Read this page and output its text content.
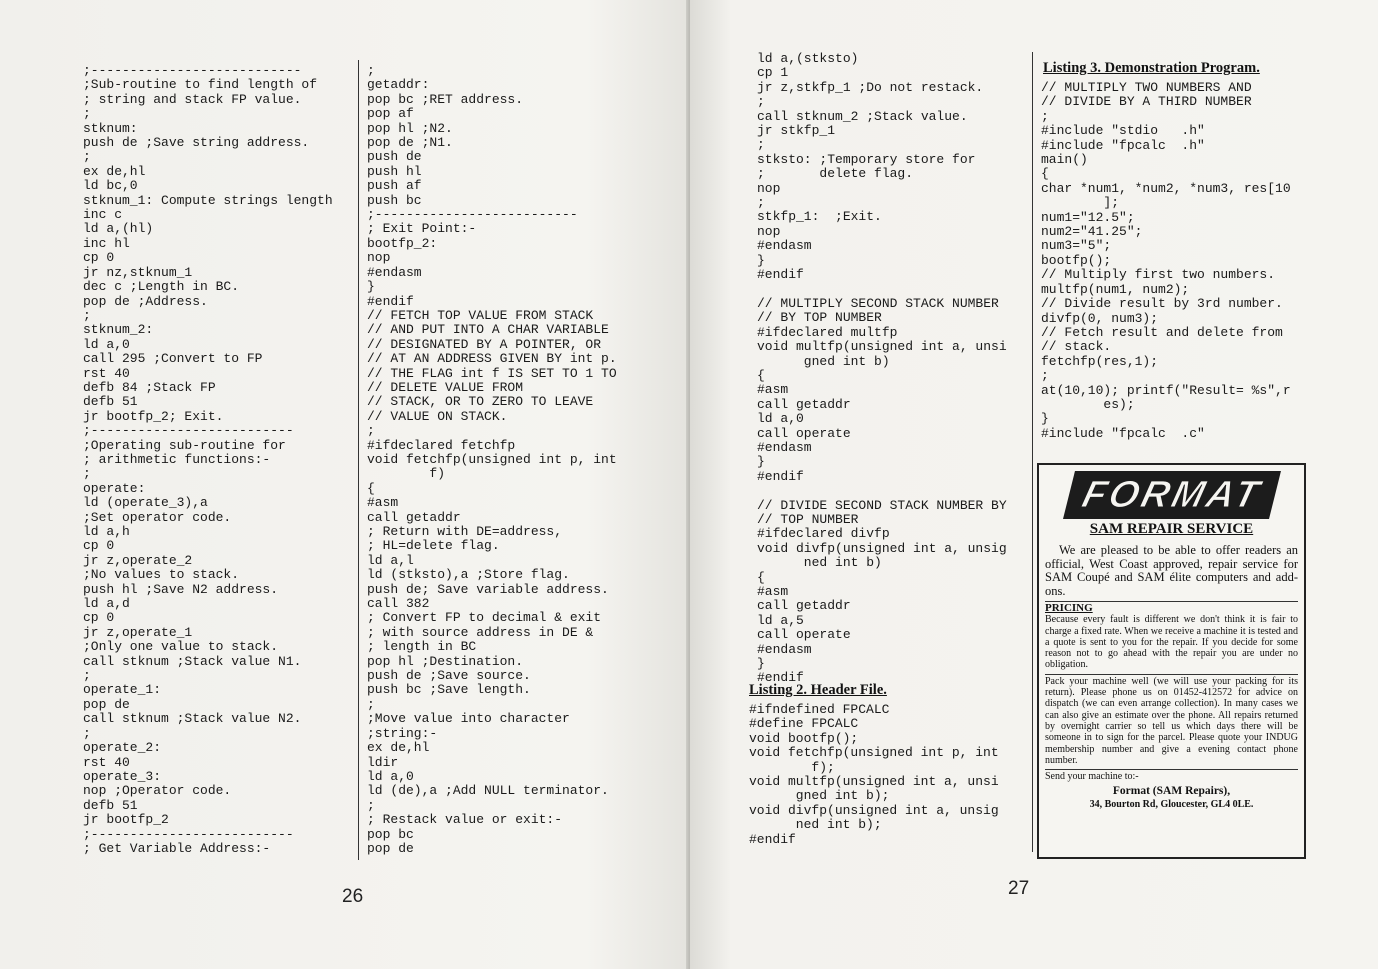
;---------------------------
;Sub-routine to find length of
; string and stack FP value.
;
stknum:
push de ;Save string address.
;
ex de,hl
ld bc,0
stknum_1: Compute strings length
inc c
ld a,(hl)
inc hl
cp 0
jr nz,stknum_1
dec c ;Length in BC.
pop de ;Address.
;
stknum_2:
ld a,0
call 295 ;Convert to FP
rst 40
defb 84 ;Stack FP
defb 51
jr bootfp_2; Exit.
;--------------------------
;Operating sub-routine for
; arithmetic functions:-
;
operate:
ld (operate_3),a
;Set operator code.
ld a,h
cp 0
jr z,operate_2
;No values to stack.
push hl ;Save N2 address.
ld a,d
cp 0
jr z,operate_1
;Only one value to stack.
call stknum ;Stack value N1.
;
operate_1:
pop de
call stknum ;Stack value N2.
;
operate_2:
rst 40
operate_3:
nop ;Operator code.
defb 51
jr bootfp_2
;--------------------------
; Get Variable Address:-
;
getaddr:
pop bc ;RET address.
pop af
pop hl ;N2.
pop de ;N1.
push de
push hl
push af
push bc
;--------------------------
; Exit Point:-
bootfp_2:
nop
#endasm
}
#endif
// FETCH TOP VALUE FROM STACK
// AND PUT INTO A CHAR VARIABLE
// DESIGNATED BY A POINTER, OR
// AT AN ADDRESS GIVEN BY int p.
// THE FLAG int f IS SET TO 1 TO
// DELETE VALUE FROM
// STACK, OR TO ZERO TO LEAVE
// VALUE ON STACK.
;
#ifdeclared fetchfp
void fetchfp(unsigned int p, int
f)
{
#asm
call getaddr
; Return with DE=address,
; HL=delete flag.
ld a,l
ld (stksto),a ;Store flag.
push de; Save variable address.
call 382
; Convert FP to decimal & exit
; with source address in DE &
; length in BC
pop hl ;Destination.
push de ;Save source.
push bc ;Save length.
;
;Move value into character
;string:-
ex de,hl
ldir
ld a,0
ld (de),a ;Add NULL terminator.
;
; Restack value or exit:-
pop bc
pop de
26	27
ld a,(stksto)
cp 1
jr z,stkfp_1 ;Do not restack.
;
call stknum_2 ;Stack value.
jr stkfp_1
;
stksto: ;Temporary store for
;       delete flag.
nop
;
stkfp_1:  ;Exit.
nop
#endasm
}
#endif

// MULTIPLY SECOND STACK NUMBER
// BY TOP NUMBER
#ifdeclared multfp
void multfp(unsigned int a, unsi
gned int b)
{
#asm
call getaddr
ld a,0
call operate
#endasm
}
#endif

// DIVIDE SECOND STACK NUMBER BY
// TOP NUMBER
#ifdeclared divfp
void divfp(unsigned int a, unsig
ned int b)
{
#asm
call getaddr
ld a,5
call operate
#endasm
}
#endif
Listing 2. Header File.
#ifndefined FPCALC
#define FPCALC
void bootfp();
void fetchfp(unsigned int p, int
f);
void multfp(unsigned int a, unsi
gned int b);
void divfp(unsigned int a, unsig
ned int b);
#endif
Listing 3. Demonstration Program.
// MULTIPLY TWO NUMBERS AND
// DIVIDE BY A THIRD NUMBER
;
#include "stdio   .h"
#include "fpcalc  .h"
main()
{
char *num1, *num2, *num3, res[10
];
num1="12.5";
num2="41.25";
num3="5";
bootfp();
// Multiply first two numbers.
multfp(num1, num2);
// Divide result by 3rd number.
divfp(0, num3);
// Fetch result and delete from
// stack.
fetchfp(res,1);
;
at(10,10); printf("Result= %s",r
es);
}
#include "fpcalc  .c"
FORMAT
SAM REPAIR SERVICE
We are pleased to be able to offer readers an official, West Coast approved, repair service for SAM Coupé and SAM élite computers and add-ons.
PRICING
Because every fault is different we don't think it is fair to charge a fixed rate. When we receive a machine it is tested and a quote is sent to you for the repair. If you decide for some reason not to go ahead with the repair you are under no obligation.
Pack your machine well (we will use your packing for its return). Please phone us on 01452-412572 for advice on dispatch (we can even arrange collection). In many cases we can also give an estimate over the phone. All repairs returned by overnight carrier so tell us which days there will be someone in to sign for the parcel. Please quote your INDUG membership number and give a evening contact phone number.
Send your machine to:-
Format (SAM Repairs),
34, Bourton Rd, Gloucester, GL4 0LE.
